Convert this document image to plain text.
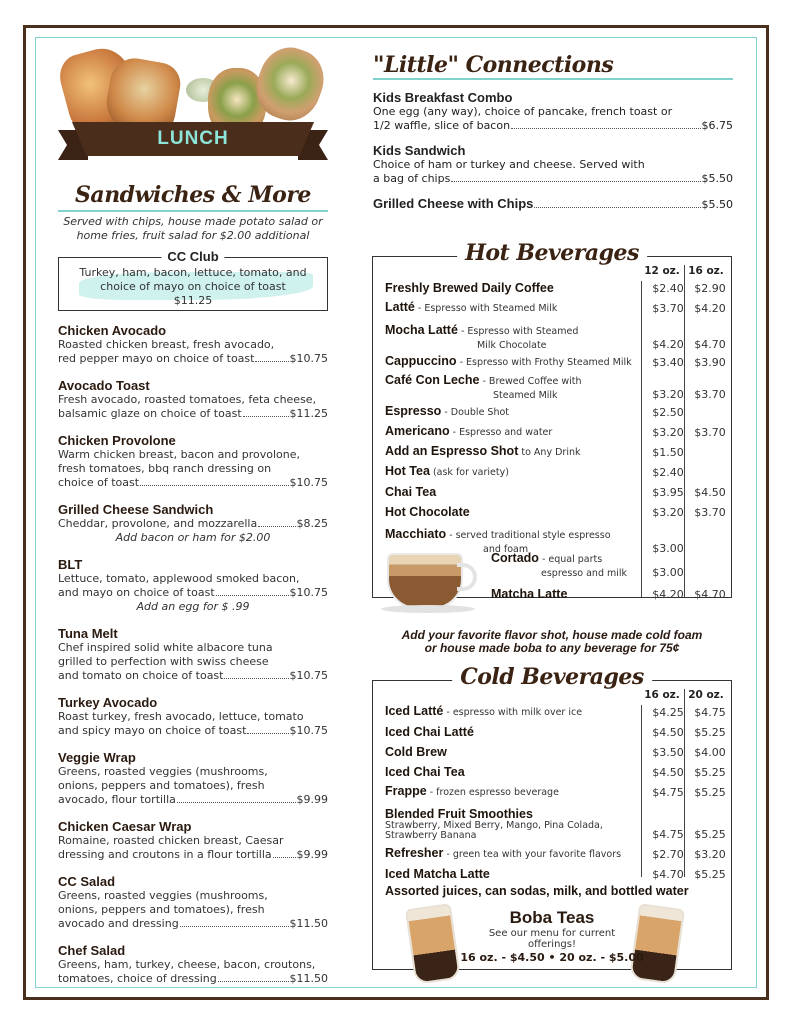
LUNCH
Sandwiches & More
Served with chips, house made potato salad or home fries, fruit salad for $2.00 additional
CC Club
Turkey, ham, bacon, lettuce, tomato, and choice of mayo on choice of toast
$11.25
Chicken Avocado
Roasted chicken breast, fresh avocado,
red pepper mayo on choice of toast	$10.75
Avocado Toast
Fresh avocado, roasted tomatoes, feta cheese,
balsamic glaze on choice of toast	$11.25
Chicken Provolone
Warm chicken breast, bacon and provolone,
fresh tomatoes, bbq ranch dressing on
choice of toast	$10.75
Grilled Cheese Sandwich
Cheddar, provolone, and mozzarella	$8.25
Add bacon or ham for $2.00
BLT
Lettuce, tomato, applewood smoked bacon,
and mayo on choice of toast	$10.75
Add an egg for $ .99
Tuna Melt
Chef inspired solid white albacore tuna
grilled to perfection with swiss cheese
and tomato on choice of toast	$10.75
Turkey Avocado
Roast turkey, fresh avocado, lettuce, tomato
and spicy mayo on choice of toast	$10.75
Veggie Wrap
Greens, roasted veggies (mushrooms,
onions, peppers and tomatoes), fresh
avocado, flour tortilla	$9.99
Chicken Caesar Wrap
Romaine, roasted chicken breast, Caesar
dressing and croutons in a flour tortilla $9.99
CC Salad
Greens, roasted veggies (mushrooms,
onions, peppers and tomatoes), fresh
avocado and dressing	$11.50
Chef Salad
Greens, ham, turkey, cheese, bacon, croutons,
tomatoes, choice of dressing	$11.50
"Little" Connections
Kids Breakfast Combo
One egg (any way), choice of pancake, french toast or
1/2 waffle, slice of bacon	$6.75
Kids Sandwich
Choice of ham or turkey and cheese. Served with
a bag of chips	$5.50
Grilled Cheese with Chips	$5.50
Hot Beverages
12 oz. 16 oz.
Freshly Brewed Daily Coffee	$2.40 $2.90
Latté - Espresso with Steamed Milk	$3.70 $4.20
Mocha Latté - Espresso with Steamed
Milk Chocolate	$4.20 $4.70
Cappuccino - Espresso with Frothy Steamed Milk	$3.40 $3.90
Café Con Leche - Brewed Coffee with
Steamed Milk	$3.20 $3.70
Espresso - Double Shot	$2.50
Americano - Espresso and water	$3.20 $3.70
Add an Espresso Shot to Any Drink	$1.50
Hot Tea (ask for variety)	$2.40
Chai Tea	$3.95 $4.50
Hot Chocolate	$3.20 $3.70
Macchiato - served traditional style espresso
and foam	$3.00
Cortado - equal parts
espresso and milk	$3.00
Matcha Latte	$4.20 $4.70
Add your favorite flavor shot, house made cold foam
or house made boba to any beverage for 75¢
Cold Beverages
16 oz. 20 oz.
Iced Latté - espresso with milk over ice	$4.25 $4.75
Iced Chai Latté	$4.50 $5.25
Cold Brew	$3.50 $4.00
Iced Chai Tea	$4.50 $5.25
Frappe - frozen espresso beverage	$4.75 $5.25
Blended Fruit Smoothies
Strawberry, Mixed Berry, Mango, Pina Colada, Strawberry Banana	$4.75 $5.25
Refresher - green tea with your favorite flavors	$2.70 $3.20
Iced Matcha Latte	$4.70 $5.25
Assorted juices, can sodas, milk, and bottled water
Boba Teas
See our menu for current
offerings!
16 oz. - $4.50 • 20 oz. - $5.00
